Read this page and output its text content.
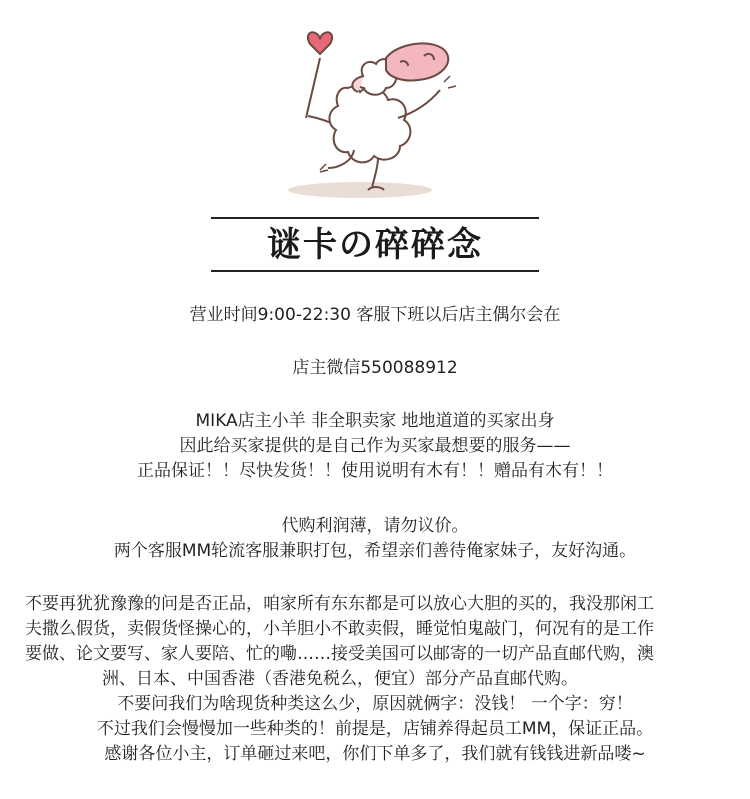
谜卡の碎碎念
营业时间9:00-22:30 客服下班以后店主偶尔会在
店主微信550088912
MIKA店主小羊 非全职卖家 地地道道的买家出身
因此给买家提供的是自己作为买家最想要的服务——
正品保证！！尽快发货！！使用说明有木有！！赠品有木有！！
代购利润薄，请勿议价。
两个客服MM轮流客服兼职打包，希望亲们善待俺家妹子，友好沟通。
不要再犹犹豫豫的问是否正品，咱家所有东东都是可以放心大胆的买的，我没那闲工
夫撒么假货，卖假货怪操心的，小羊胆小不敢卖假，睡觉怕鬼敲门，何况有的是工作
要做、论文要写、家人要陪、忙的嘞……接受美国可以邮寄的一切产品直邮代购，澳
洲、日本、中国香港（香港免税么，便宜）部分产品直邮代购。
不要问我们为啥现货种类这么少，原因就俩字：没钱！ 一个字：穷！
不过我们会慢慢加一些种类的！前提是，店铺养得起员工MM，保证正品。
感谢各位小主，订单砸过来吧，你们下单多了，我们就有钱钱进新品喽~
